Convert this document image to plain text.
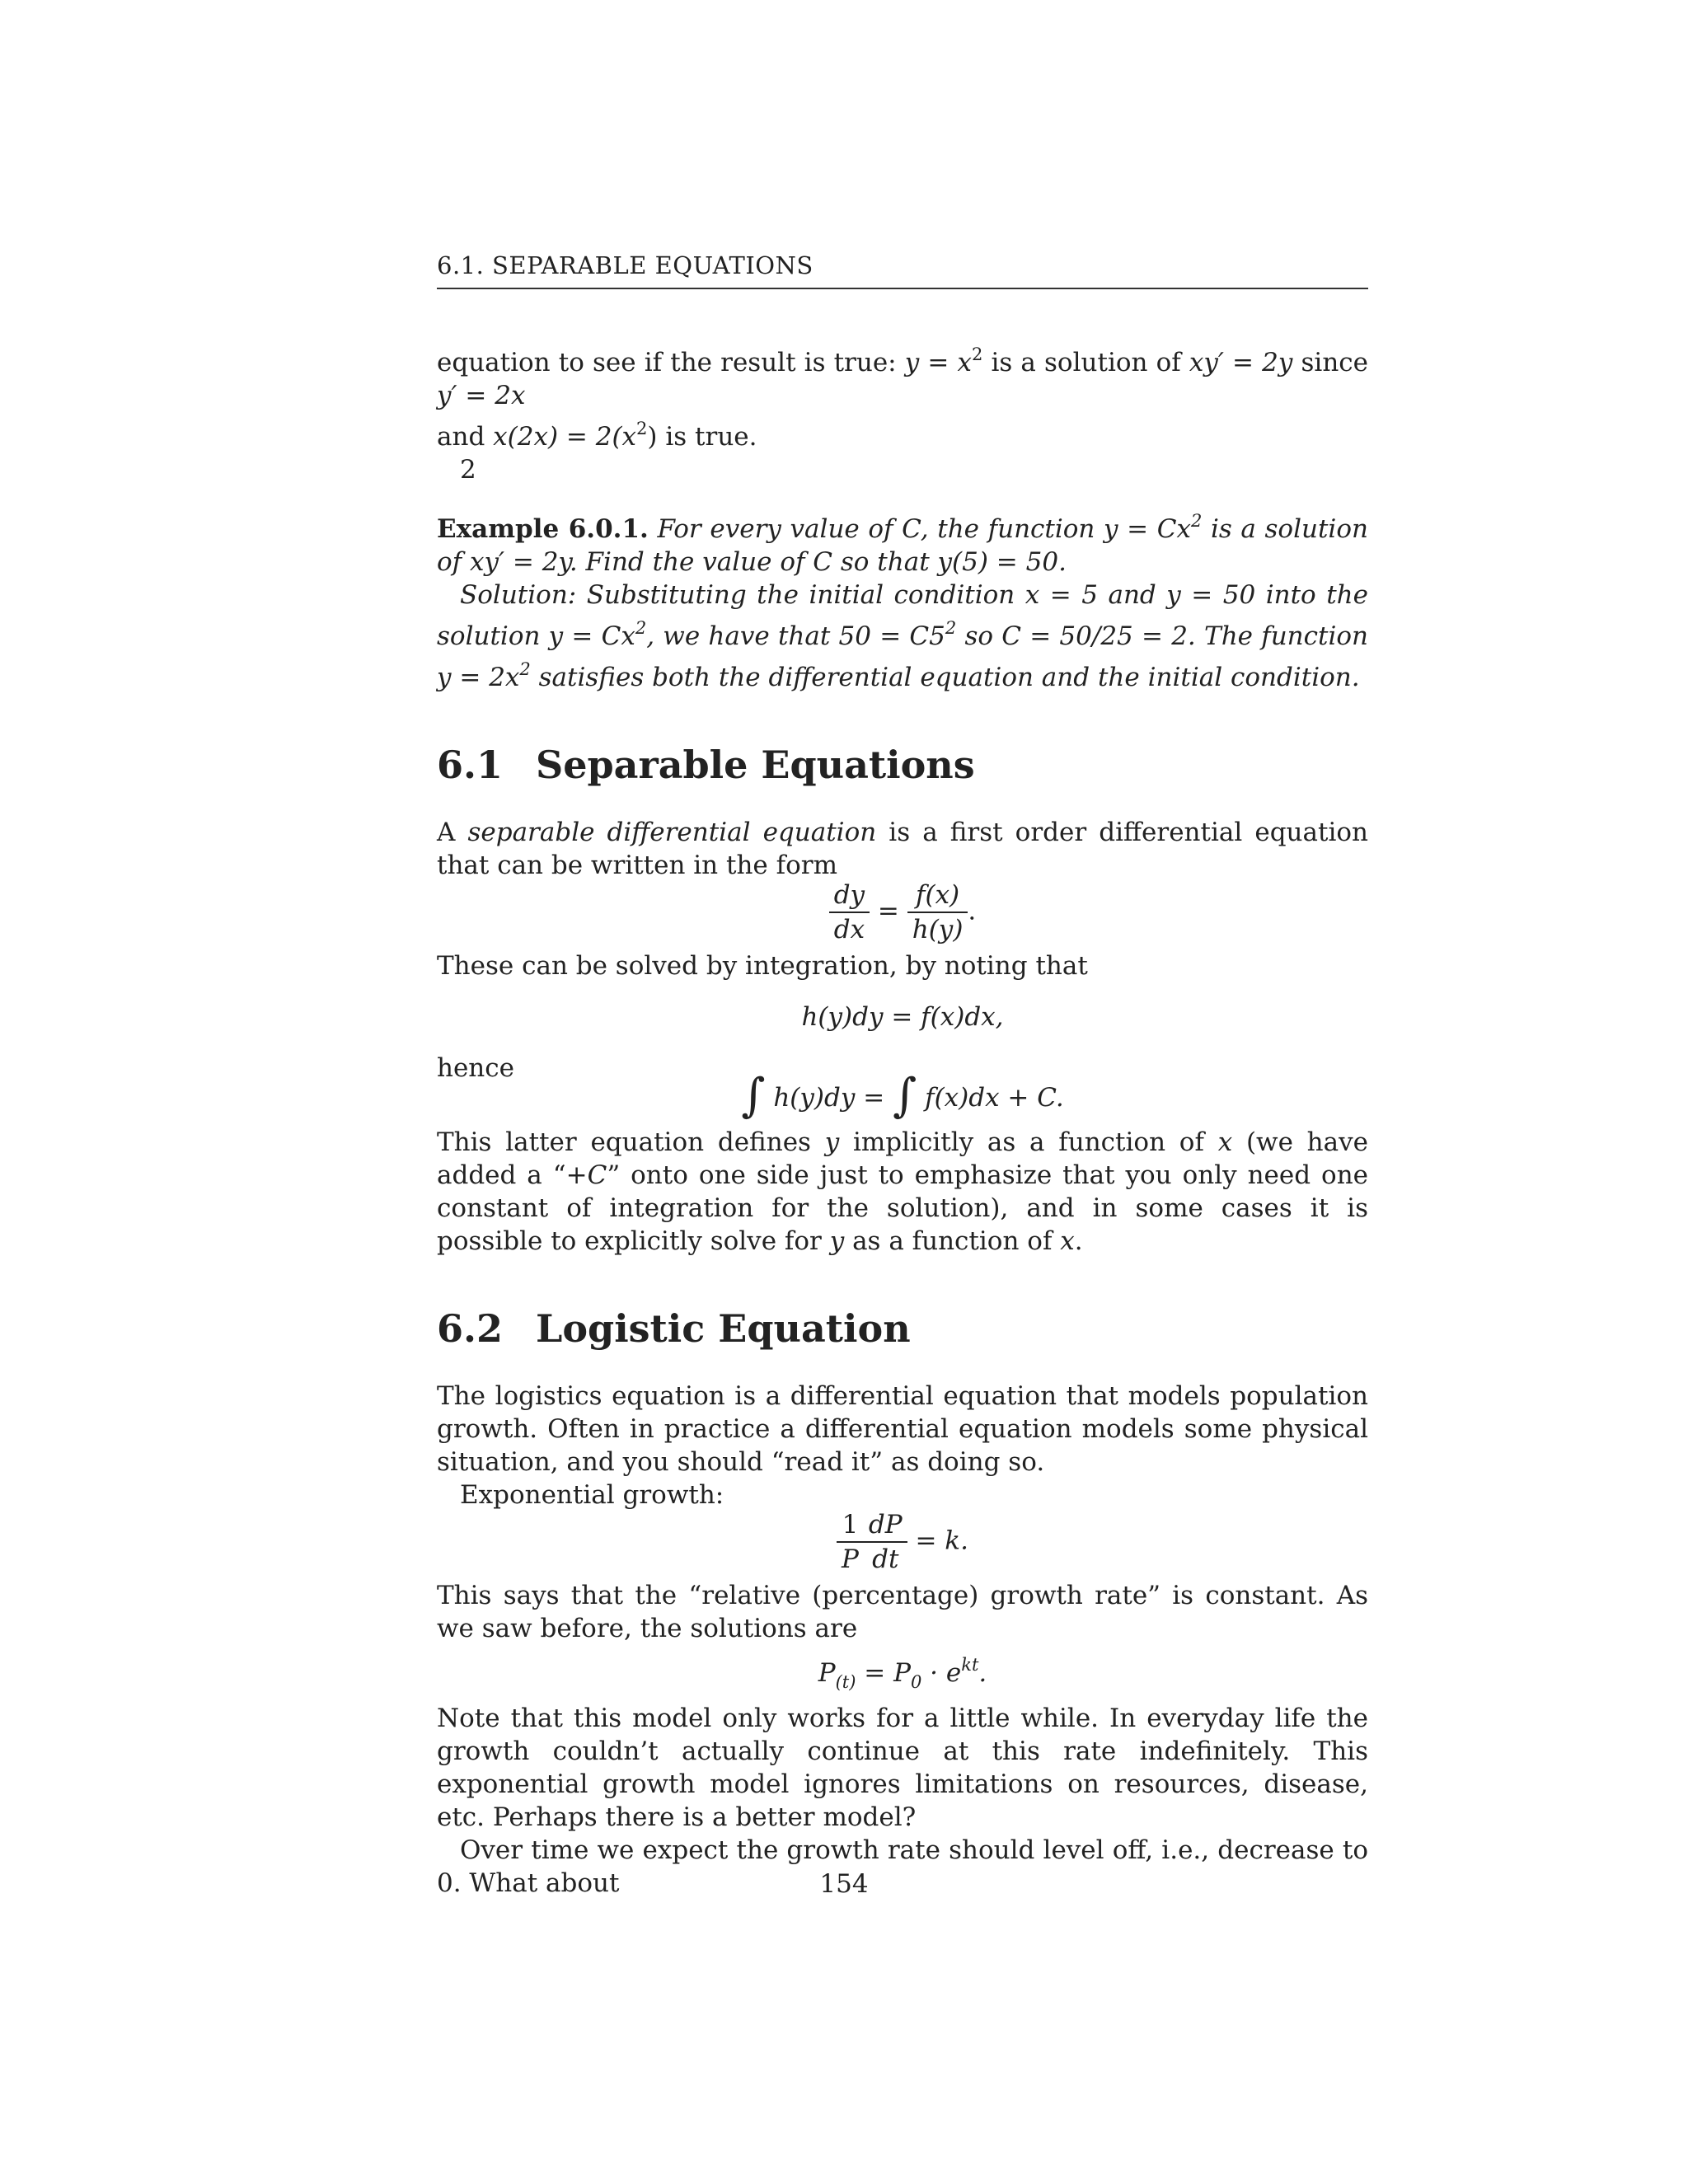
6.1. SEPARABLE EQUATIONS

equation to see if the result is true: $y = x^2$ is a solution of xy′ = 2y since y′ = 2x
and $x(2x) = 2(x^2)$ is true.

2

Example 6.0.1. For every value of C, the function $y = Cx^2$ is a solution of xy′ = 2y. Find the value of C so that y(5) = 50.

Solution: Substituting the initial condition x = 5 and y = 50 into the solution $y = Cx^2$, we have that $50 = C5^2$ so C = 50/25 = 2. The function $y = 2x^2$ satisfies both the differential equation and the initial condition.

6.1 Separable Equations

A separable differential equation is a first order differential equation that can be written in the form

$\frac{dy}{dx} = \frac{f(x)}{h(y)}$ .

These can be solved by integration, by noting that

h(y)dy = f(x)dx,

hence

∫ h(y)dy = ∫ f(x)dx + C.

This latter equation defines y implicitly as a function of x (we have added a “+C” onto one side just to emphasize that you only need one constant of integration for the solution), and in some cases it is possible to explicitly solve for y as a function of x.

6.2 Logistic Equation

The logistics equation is a differential equation that models population growth. Often in practice a differential equation models some physical situation, and you should “read it” as doing so.

Exponential growth:

$\frac{1}{P} \frac{dP}{dt} = k$.

This says that the “relative (percentage) growth rate” is constant. As we saw before, the solutions are

$P_{(t)} = P_0 \cdot e^{kt}$.

Note that this model only works for a little while. In everyday life the growth couldn’t actually continue at this rate indefinitely. This exponential growth model ignores limitations on resources, disease, etc. Perhaps there is a better model?

Over time we expect the growth rate should level off, i.e., decrease to 0. What about	154
